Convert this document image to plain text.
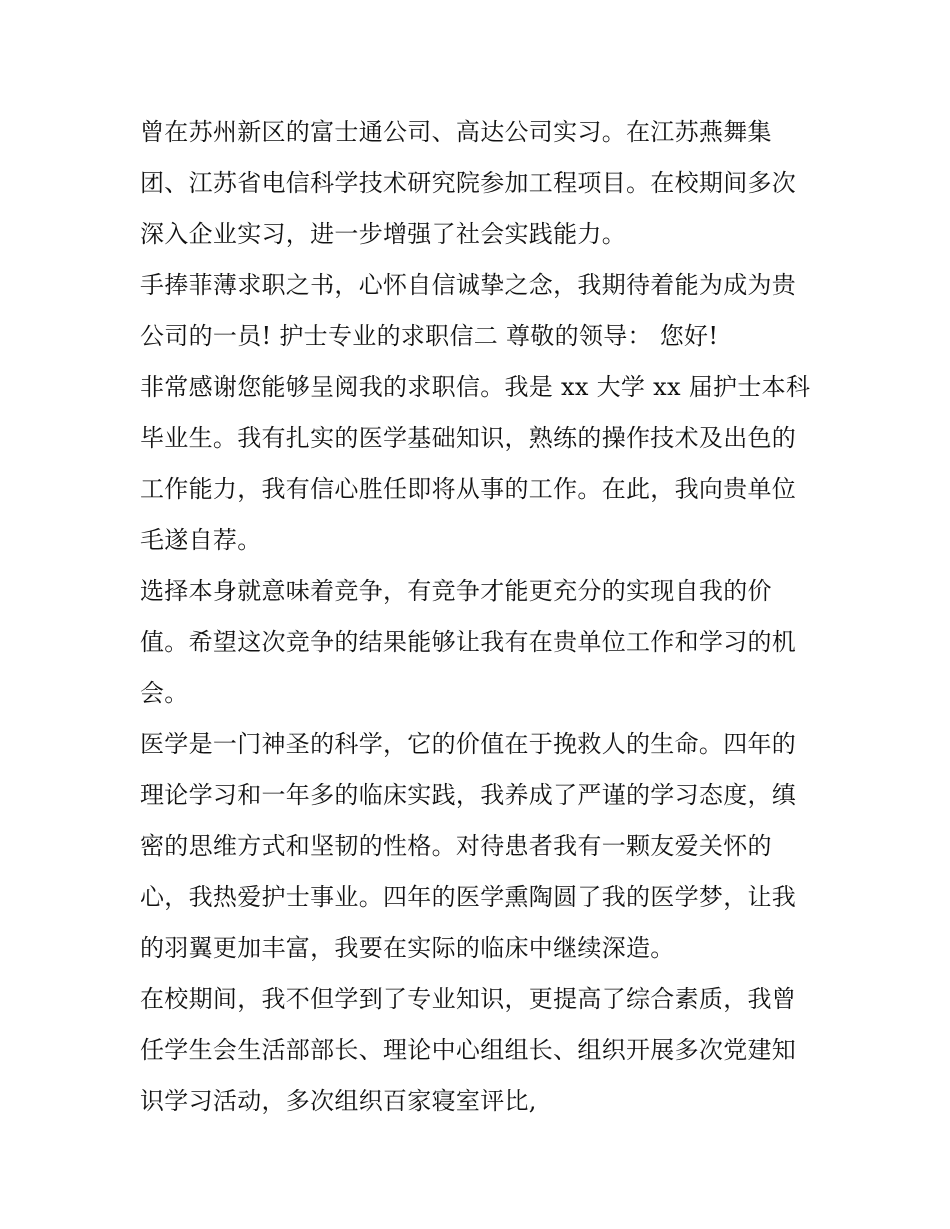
曾在苏州新区的富士通公司、高达公司实习。在江苏燕舞集
团、江苏省电信科学技术研究院参加工程项目。在校期间多次
深入企业实习，进一步增强了社会实践能力。
手捧菲薄求职之书，心怀自信诚挚之念，我期待着能为成为贵
公司的一员! 护士专业的求职信二 尊敬的领导： 您好!
非常感谢您能够呈阅我的求职信。我是 xx 大学 xx 届护士本科
毕业生。我有扎实的医学基础知识，熟练的操作技术及出色的
工作能力，我有信心胜任即将从事的工作。在此，我向贵单位
毛遂自荐。
选择本身就意味着竞争，有竞争才能更充分的实现自我的价
值。希望这次竞争的结果能够让我有在贵单位工作和学习的机
会。
医学是一门神圣的科学，它的价值在于挽救人的生命。四年的
理论学习和一年多的临床实践，我养成了严谨的学习态度，缜
密的思维方式和坚韧的性格。对待患者我有一颗友爱关怀的
心，我热爱护士事业。四年的医学熏陶圆了我的医学梦，让我
的羽翼更加丰富，我要在实际的临床中继续深造。
在校期间，我不但学到了专业知识，更提高了综合素质，我曾
任学生会生活部部长、理论中心组组长、组织开展多次党建知
识学习活动，多次组织百家寝室评比,
